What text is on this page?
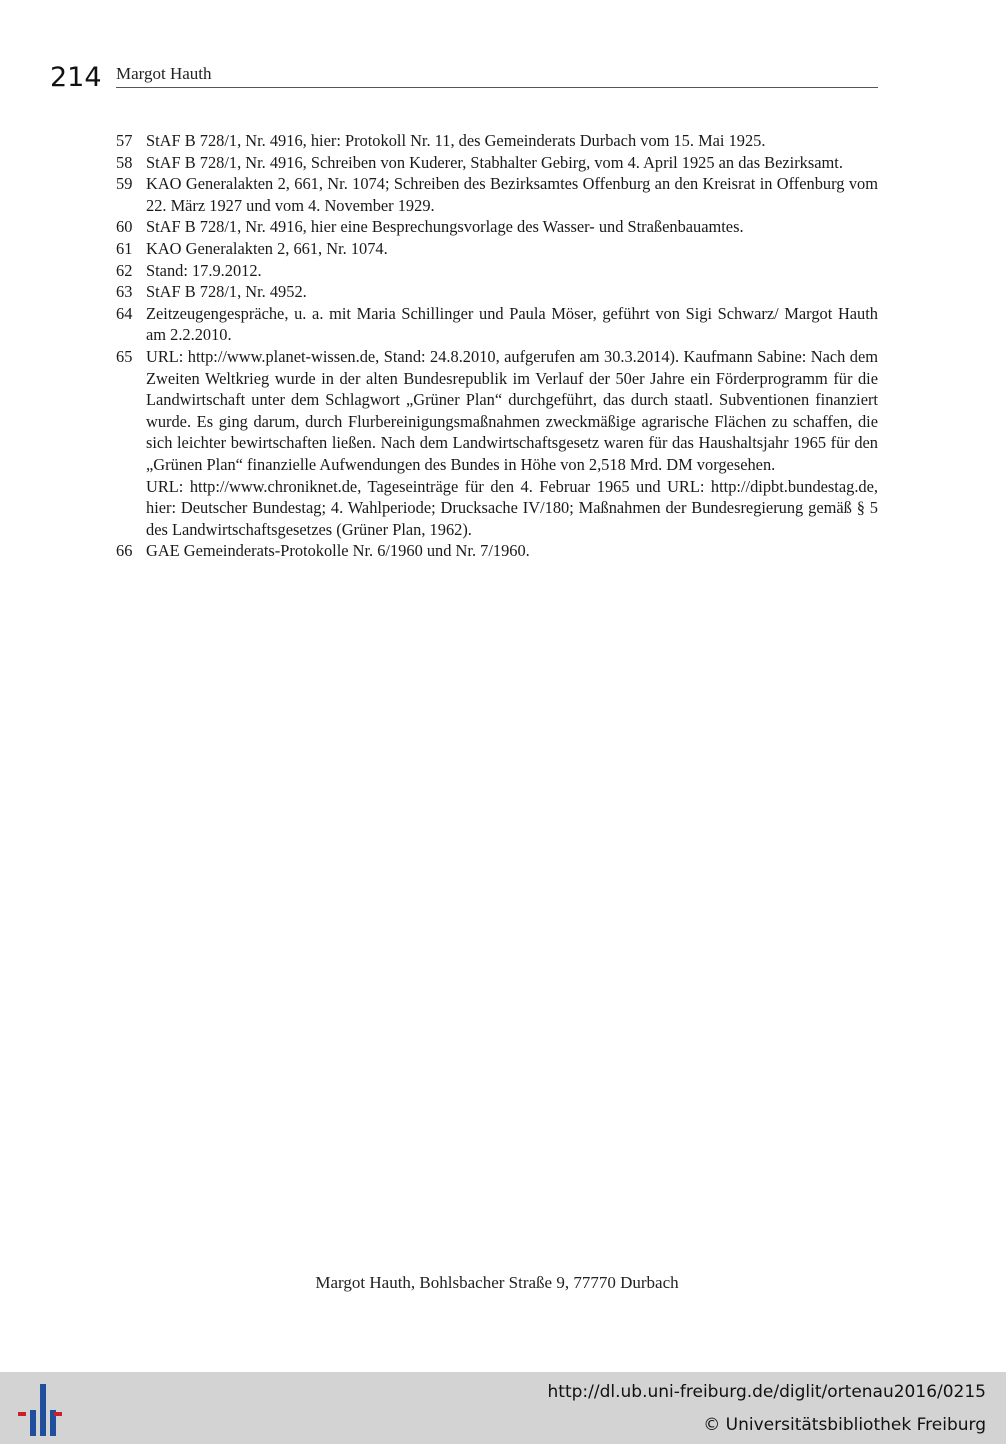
214 Margot Hauth
57 StAF B 728/1, Nr. 4916, hier: Protokoll Nr. 11, des Gemeinderats Durbach vom 15. Mai 1925.

58 StAF B 728/1, Nr. 4916, Schreiben von Kuderer, Stabhalter Gebirg, vom 4. April 1925 an das Bezirksamt.

59 KAO Generalakten 2, 661, Nr. 1074; Schreiben des Bezirksamtes Offenburg an den Kreisrat in Offenburg vom 22. März 1927 und vom 4. November 1929.

60 StAF B 728/1, Nr. 4916, hier eine Besprechungsvorlage des Wasser- und Straßenbauamtes.

61 KAO Generalakten 2, 661, Nr. 1074.

62 Stand: 17.9.2012.

63 StAF B 728/1, Nr. 4952.

64 Zeitzeugengespräche, u. a. mit Maria Schillinger und Paula Möser, geführt von Sigi Schwarz/ Margot Hauth am 2.2.2010.

65 URL: http://www.planet-wissen.de, Stand: 24.8.2010, aufgerufen am 30.3.2014). Kaufmann Sabine: Nach dem Zweiten Weltkrieg wurde in der alten Bundesrepublik im Verlauf der 50er Jahre ein Förderprogramm für die Landwirtschaft unter dem Schlagwort „Grüner Plan“ durchgeführt, das durch staatl. Subventionen finanziert wurde. Es ging darum, durch Flurbereinigungsmaßnahmen zweckmäßige agrarische Flächen zu schaffen, die sich leichter bewirtschaften ließen. Nach dem Landwirtschaftsgesetz waren für das Haushaltsjahr 1965 für den „Grünen Plan“ finanzielle Aufwendungen des Bundes in Höhe von 2,518 Mrd. DM vorgesehen.

URL: http://www.chroniknet.de, Tageseinträge für den 4. Februar 1965 und URL: http://dipbt.bundestag.de, hier: Deutscher Bundestag; 4. Wahlperiode; Drucksache IV/180; Maßnahmen der Bundesregierung gemäß § 5 des Landwirtschaftsgesetzes (Grüner Plan, 1962).

66 GAE Gemeinderats-Protokolle Nr. 6/1960 und Nr. 7/1960.

Margot Hauth, Bohlsbacher Straße 9, 77770 Durbach
http://dl.ub.uni-freiburg.de/diglit/ortenau2016/0215
© Universitätsbibliothek Freiburg
